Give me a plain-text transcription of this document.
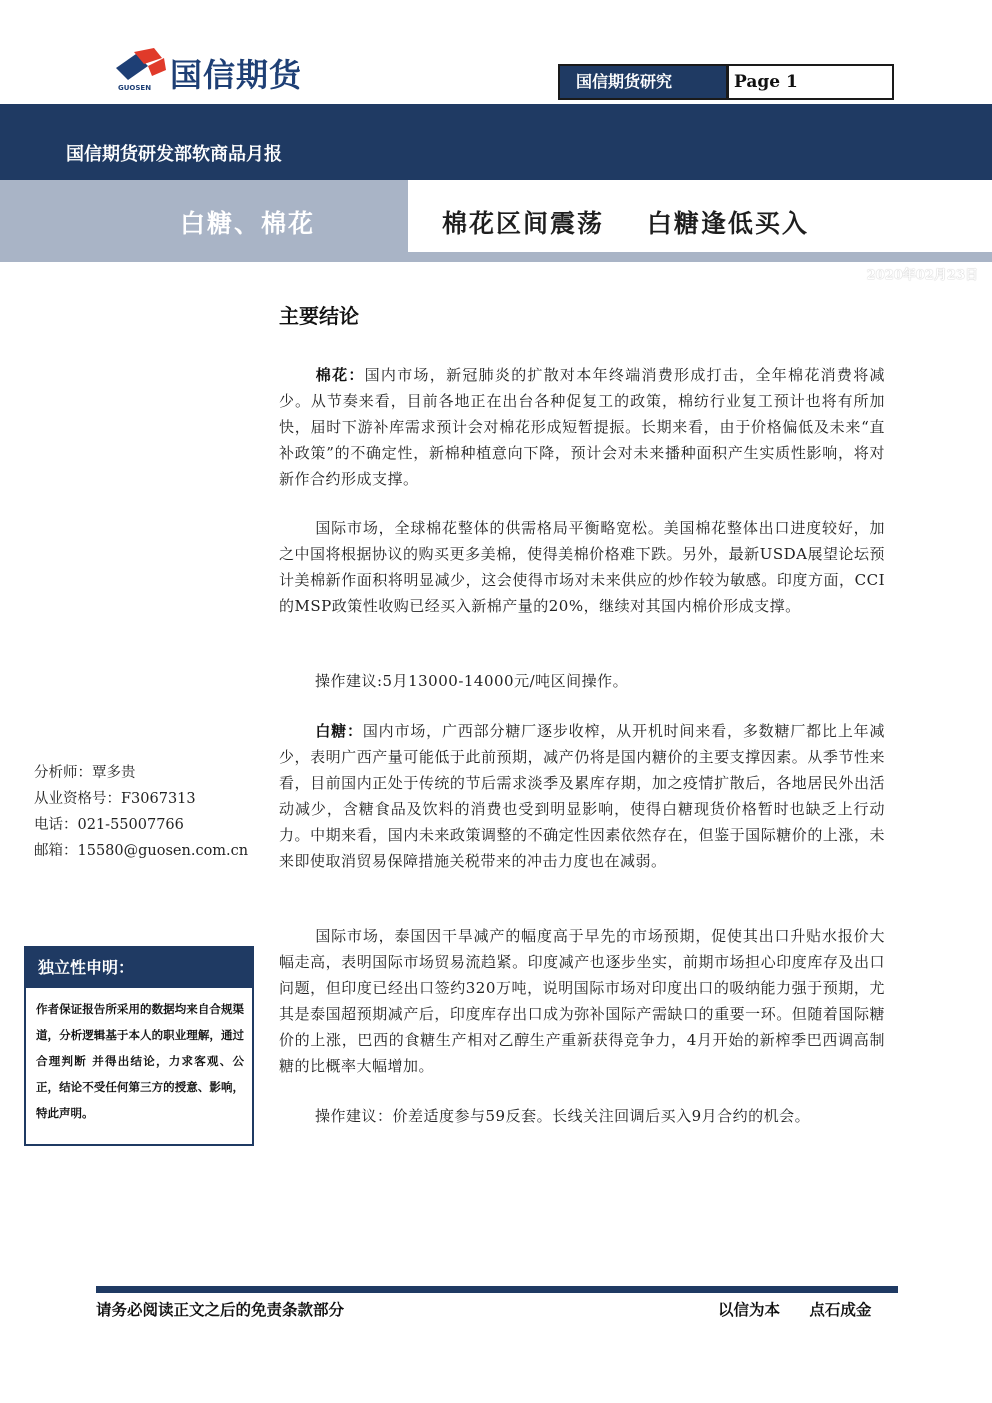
国信期货
GUOSEN	国信期货研究	Page 1
国信期货研发部软商品月报
白糖、棉花	棉花区间震荡    白糖逢低买入
2020年02月23日
主要结论
棉花：国内市场，新冠肺炎的扩散对本年终端消费形成打击，全年棉花消费将减少。从节奏来看，目前各地正在出台各种促复工的政策，棉纺行业复工预计也将有所加快，届时下游补库需求预计会对棉花形成短暂提振。长期来看，由于价格偏低及未来“直补政策”的不确定性，新棉种植意向下降，预计会对未来播种面积产生实质性影响，将对新作合约形成支撑。
国际市场，全球棉花整体的供需格局平衡略宽松。美国棉花整体出口进度较好，加之中国将根据协议的购买更多美棉，使得美棉价格难下跌。另外，最新USDA展望论坛预计美棉新作面积将明显减少，这会使得市场对未来供应的炒作较为敏感。印度方面，CCI的MSP政策性收购已经买入新棉产量的20%，继续对其国内棉价形成支撑。
操作建议:5月13000-14000元/吨区间操作。
白糖：国内市场，广西部分糖厂逐步收榨，从开机时间来看，多数糖厂都比上年减少，表明广西产量可能低于此前预期，减产仍将是国内糖价的主要支撑因素。从季节性来看，目前国内正处于传统的节后需求淡季及累库存期，加之疫情扩散后，各地居民外出活动减少，含糖食品及饮料的消费也受到明显影响，使得白糖现货价格暂时也缺乏上行动力。中期来看，国内未来政策调整的不确定性因素依然存在，但鉴于国际糖价的上涨，未来即使取消贸易保障措施关税带来的冲击力度也在减弱。
国际市场，泰国因干旱减产的幅度高于早先的市场预期，促使其出口升贴水报价大幅走高，表明国际市场贸易流趋紧。印度减产也逐步坐实，前期市场担心印度库存及出口问题，但印度已经出口签约320万吨，说明国际市场对印度出口的吸纳能力强于预期，尤其是泰国超预期减产后，印度库存出口成为弥补国际产需缺口的重要一环。但随着国际糖价的上涨，巴西的食糖生产相对乙醇生产重新获得竞争力，4月开始的新榨季巴西调高制糖的比概率大幅增加。
操作建议：价差适度参与59反套。长线关注回调后买入9月合约的机会。
分析师：覃多贵
从业资格号：F3067313
电话：021-55007766
邮箱：15580@guosen.com.cn
独立性申明：
作者保证报告所采用的数据均来自合规渠道，分析逻辑基于本人的职业理解，通过合理判断 并得出结论，力求客观、公正，结论不受任何第三方的授意、影响，特此声明。
请务必阅读正文之后的免责条款部分	以信为本 点石成金
